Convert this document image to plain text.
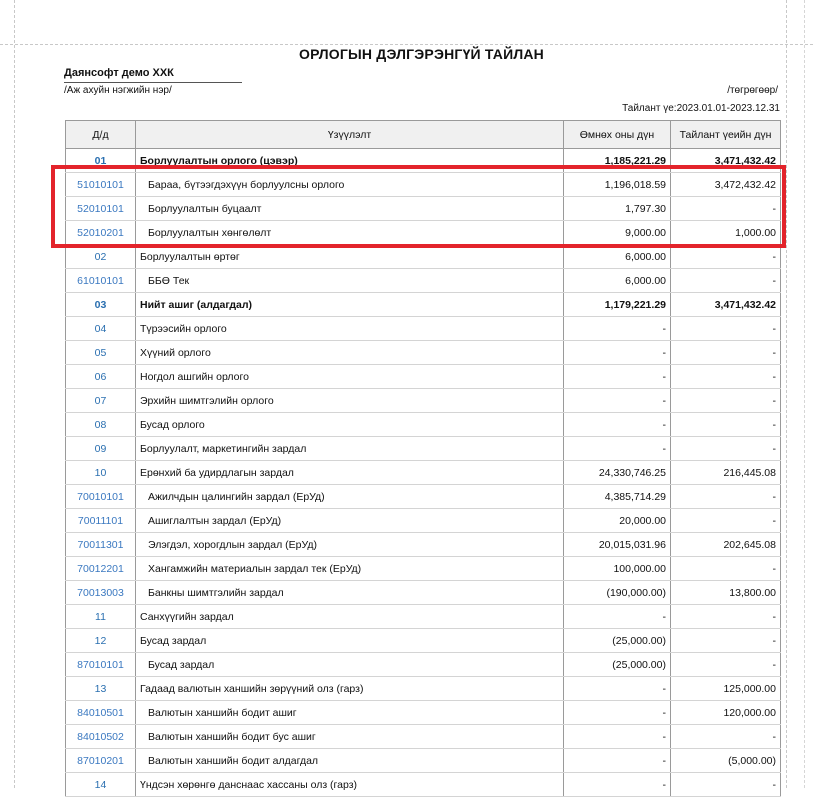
ОРЛОГЫН ДЭЛГЭРЭНГҮЙ ТАЙЛАН
Даянсофт демо ХХК
/Аж ахуйн нэгжийн нэр/	/төгрөгөөр/
Тайлант үе:2023.01.01-2023.12.31
Д/д	Үзүүлэлт	Өмнөх оны дүн	Тайлант үеийн дүн
01	Борлуулалтын орлого (цэвэр)	1,185,221.29	3,471,432.42
51010101	Бараа, бүтээгдэхүүн борлуулсны орлого	1,196,018.59	3,472,432.42
52010101	Борлуулалтын буцаалт	1,797.30	-
52010201	Борлуулалтын хөнгөлөлт	9,000.00	1,000.00
02	Борлуулалтын өртөг	6,000.00	-
61010101	ББӨ Тек	6,000.00	-
03	Нийт ашиг (алдагдал)	1,179,221.29	3,471,432.42
04	Түрээсийн орлого	-	-
05	Хүүний орлого	-	-
06	Ногдол ашгийн орлого	-	-
07	Эрхийн шимтгэлийн орлого	-	-
08	Бусад орлого	-	-
09	Борлуулалт, маркетингийн зардал	-	-
10	Ерөнхий ба удирдлагын зардал	24,330,746.25	216,445.08
70010101	Ажилчдын цалингийн зардал (ЕрУд)	4,385,714.29	-
70011101	Ашиглалтын зардал (ЕрУд)	20,000.00	-
70011301	Элэгдэл, хорогдлын зардал (ЕрУд)	20,015,031.96	202,645.08
70012201	Хангамжийн материалын зардал тек (ЕрУд)	100,000.00	-
70013003	Банкны шимтгэлийн зардал	(190,000.00)	13,800.00
11	Санхүүгийн зардал	-	-
12	Бусад зардал	(25,000.00)	-
87010101	Бусад зардал	(25,000.00)	-
13	Гадаад валютын ханшийн зөрүүний олз (гарз)	-	125,000.00
84010501	Валютын ханшийн бодит ашиг	-	120,000.00
84010502	Валютын ханшийн бодит бус ашиг	-	-
87010201	Валютын ханшийн бодит алдагдал	-	(5,000.00)
14	Үндсэн хөрөнгө данснаас хассаны олз (гарз)	-	-
